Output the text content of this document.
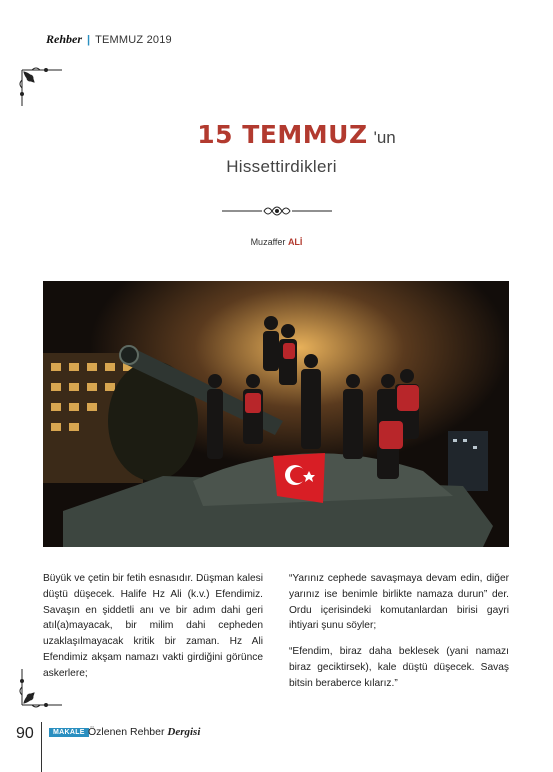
Rehber | TEMMUZ 2019
15 TEMMUZ 'un
Hissettirdikleri
Muzaffer ALİ

Büyük ve çetin bir fetih esnasıdır. Düşman kalesi düştü düşecek. Halife Hz Ali (k.v.) Efendimiz. Savaşın en şiddetli anı ve bir adım dahi geri atıl(a)mayacak, bir milim dahi cepheden uzaklaşılmayacak kritik bir zaman. Hz Ali Efendimiz akşam namazı vakti girdiğini görünce askerlere;

“Yarınız cephede savaşmaya devam edin, diğer yarınız ise benimle birlikte namaza durun” der. Ordu içerisindeki komutanlardan birisi gayri ihtiyari şunu söyler;

“Efendim, biraz daha beklesek (yani namazı biraz geciktirsek), kale düştü düşecek. Savaş bitsin beraberce kılarız.”

90	MAKALE Özlenen Rehber Dergisi
